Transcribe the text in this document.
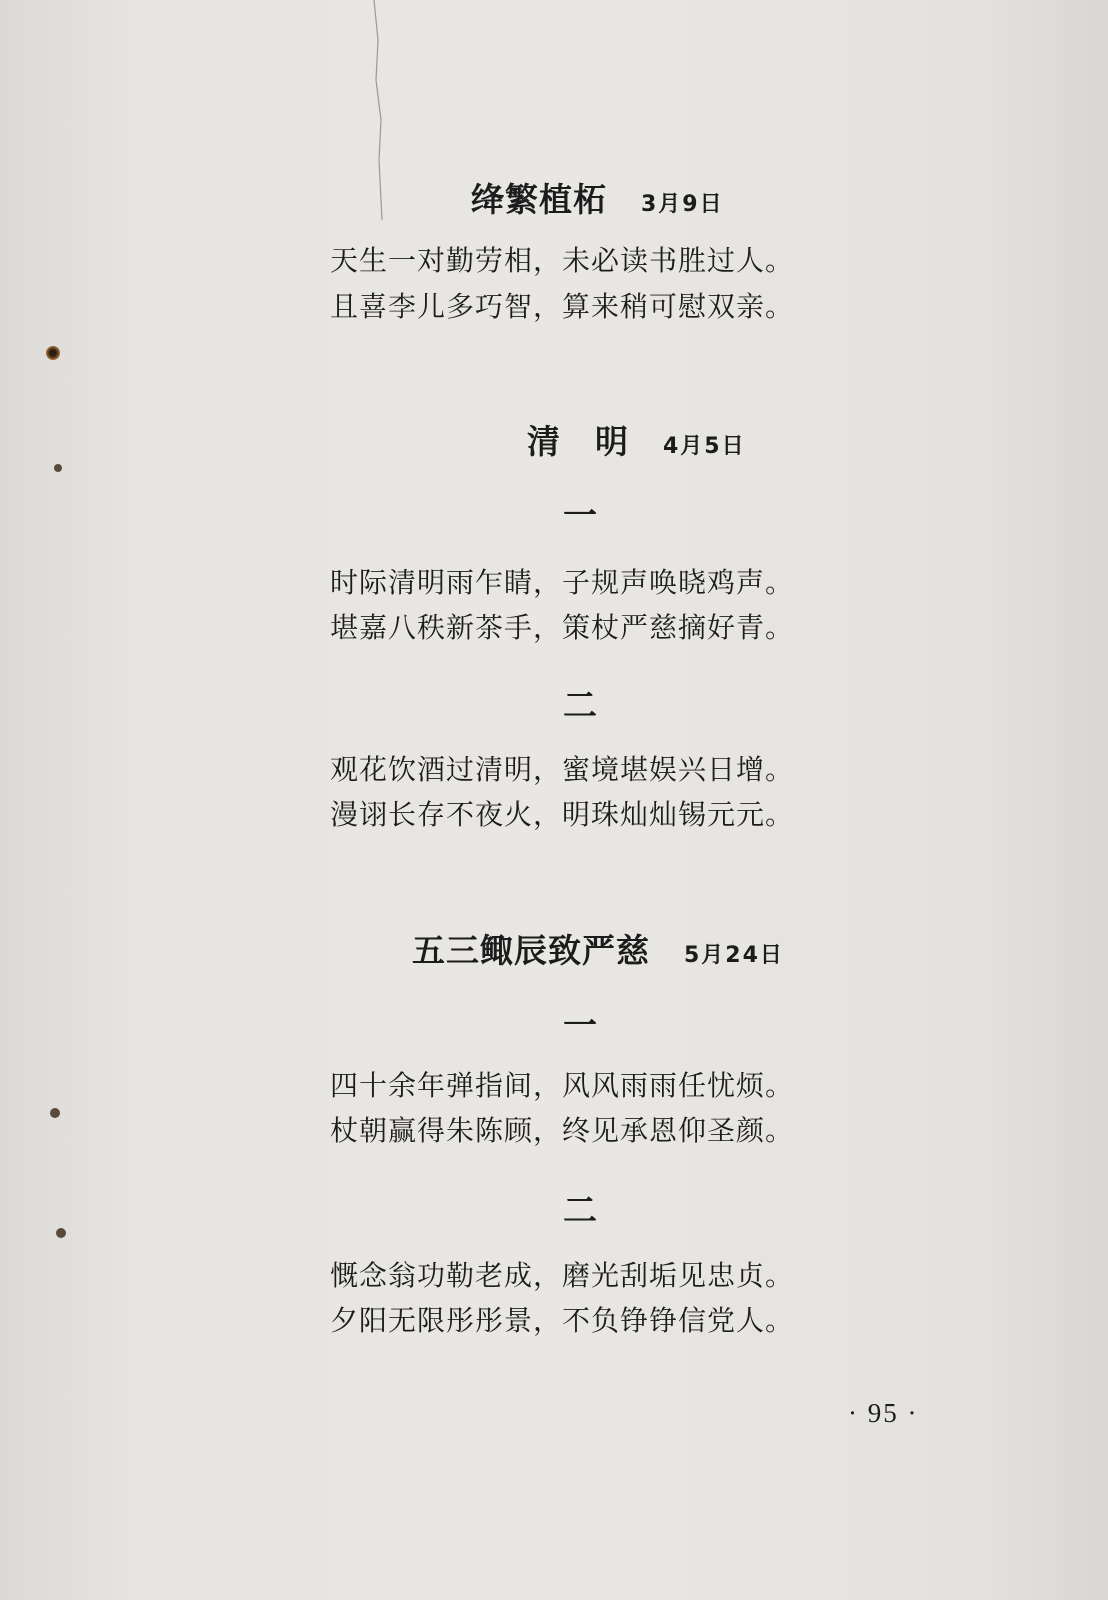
绛繁植柘 3月9日
天生一对勤劳相，未必读书胜过人。
且喜李儿多巧智，算来稍可慰双亲。
清　明 4月5日
一
时际清明雨乍睛，子规声唤晓鸡声。
堪嘉八秩新茶手，策杖严慈摘好青。
二
观花饮酒过清明，蜜境堪娱兴日增。
漫诩长存不夜火，明珠灿灿锡元元。
五三鲰辰致严慈 5月24日
一
四十余年弹指间，风风雨雨任忧烦。
杖朝赢得朱陈顾，终见承恩仰圣颜。
二
慨念翁功勒老成，磨光刮垢见忠贞。
夕阳无限彤彤景，不负铮铮信党人。
· 95 ·
